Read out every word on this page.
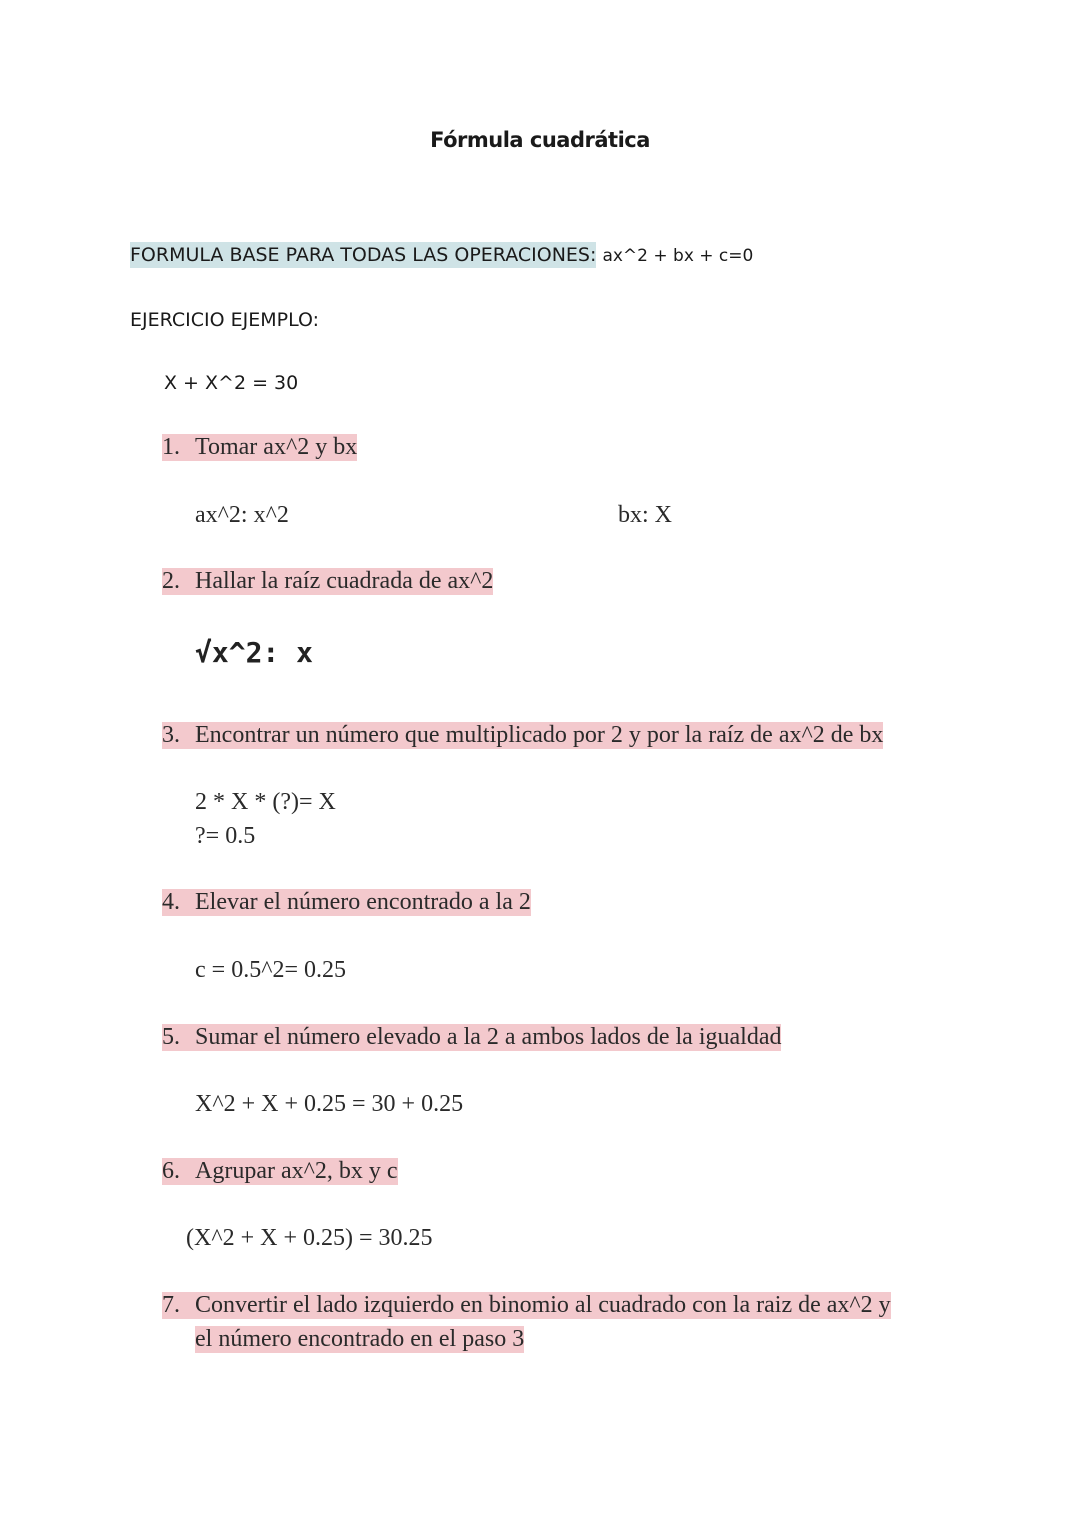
Fórmula cuadrática
FORMULA BASE PARA TODAS LAS OPERACIONES: ax^2 + bx + c=0
EJERCICIO EJEMPLO:
X + X^2 = 30
1. Tomar ax^2 y bx
ax^2: x^2	bx: X
2. Hallar la raíz cuadrada de ax^2
√x^2: x
3. Encontrar un número que multiplicado por 2 y por la raíz de ax^2 de bx
2 * X * (?)= X
?= 0.5
4. Elevar el número encontrado a la 2
c = 0.5^2= 0.25
5. Sumar el número elevado a la 2 a ambos lados de la igualdad
X^2 + X + 0.25 = 30 + 0.25
6. Agrupar ax^2, bx y c
(X^2 + X + 0.25) = 30.25
7. Convertir el lado izquierdo en binomio al cuadrado con la raiz de ax^2 y
el número encontrado en el paso 3
